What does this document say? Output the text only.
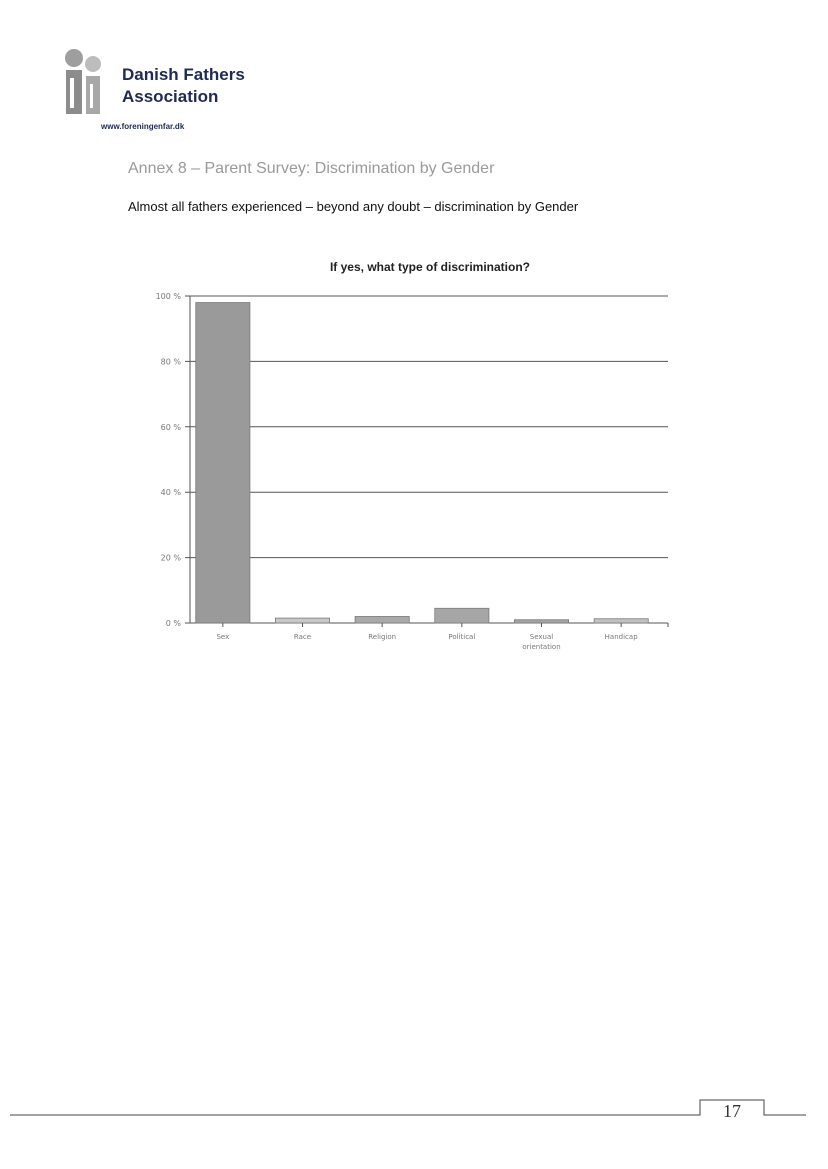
Danish Fathers
Association
www.foreningenfar.dk
Annex 8 – Parent Survey: Discrimination by Gender
Almost all fathers experienced – beyond any doubt – discrimination by Gender
If yes, what type of discrimination?
0 %
20 %
40 %
60 %
80 %
100 %
Sex	Race	Religion	Political	Sexual orientation
Handicap
17
